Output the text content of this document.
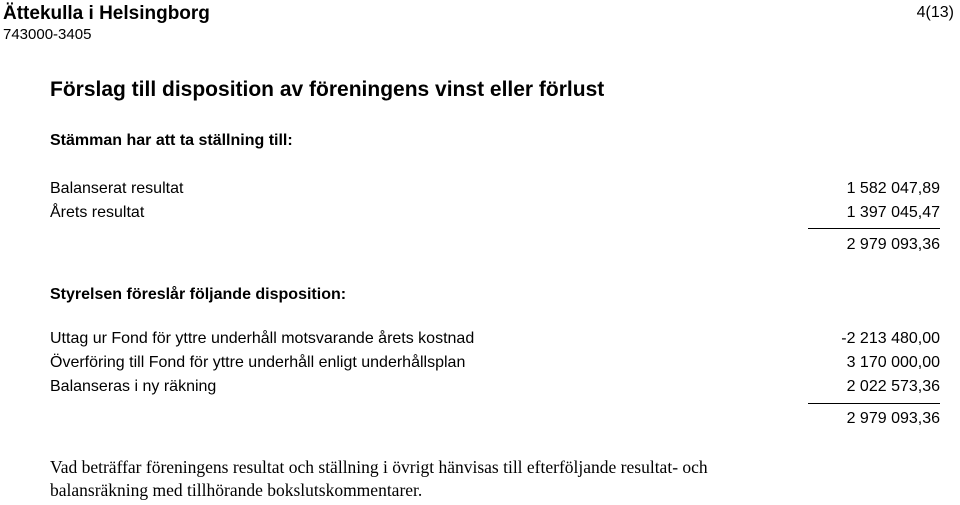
Ättekulla i Helsingborg
743000-3405
4(13)
Förslag till disposition av föreningens vinst eller förlust
Stämman har att ta ställning till:
Balanserat resultat	1 582 047,89
Årets resultat	1 397 045,47
2 979 093,36
Styrelsen föreslår följande disposition:
Uttag ur Fond för yttre underhåll motsvarande årets kostnad	-2 213 480,00
Överföring till Fond för yttre underhåll enligt underhållsplan	3 170 000,00
Balanseras i ny räkning	2 022 573,36
2 979 093,36

Vad beträffar föreningens resultat och ställning i övrigt hänvisas till efterföljande resultat- och

balansräkning med tillhörande bokslutskommentarer.
